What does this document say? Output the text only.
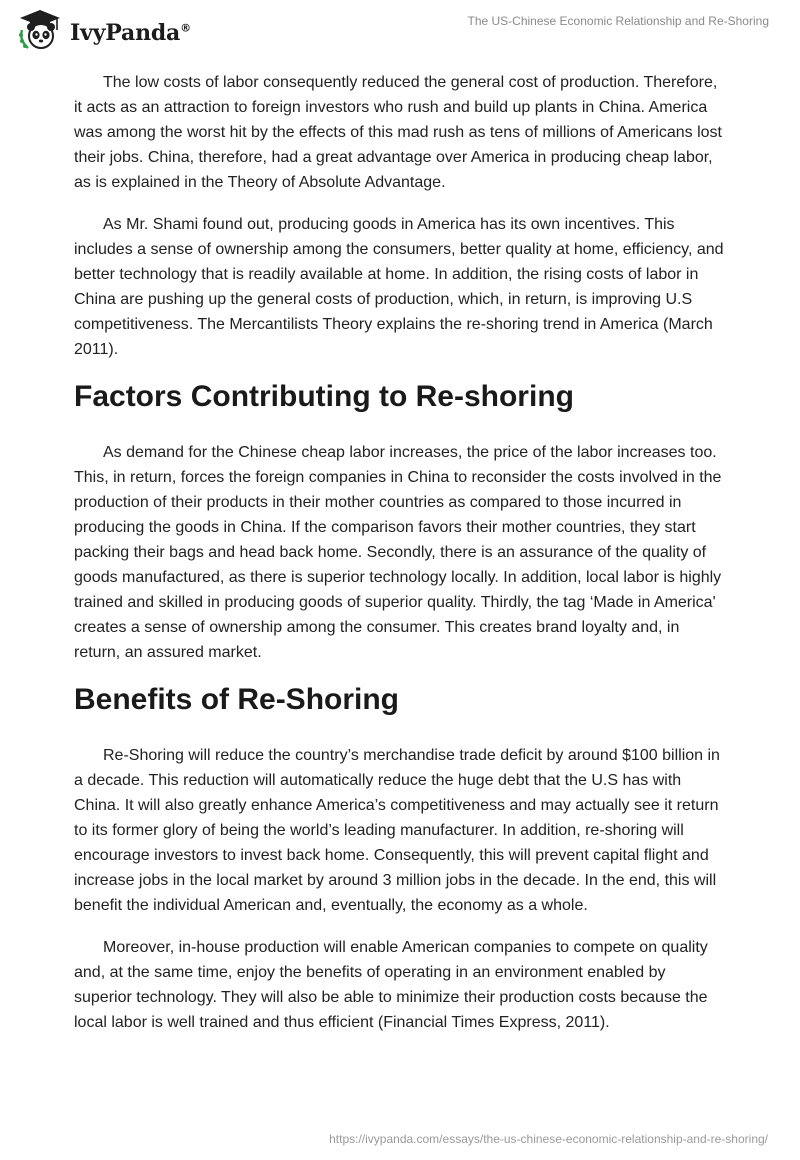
IvyPanda®
The US-Chinese Economic Relationship and Re-Shoring

The low costs of labor consequently reduced the general cost of production. Therefore, it acts as an attraction to foreign investors who rush and build up plants in China. America was among the worst hit by the effects of this mad rush as tens of millions of Americans lost their jobs. China, therefore, had a great advantage over America in producing cheap labor, as is explained in the Theory of Absolute Advantage.

As Mr. Shami found out, producing goods in America has its own incentives. This includes a sense of ownership among the consumers, better quality at home, efficiency, and better technology that is readily available at home. In addition, the rising costs of labor in China are pushing up the general costs of production, which, in return, is improving U.S competitiveness. The Mercantilists Theory explains the re-shoring trend in America (March 2011).

Factors Contributing to Re-shoring

As demand for the Chinese cheap labor increases, the price of the labor increases too. This, in return, forces the foreign companies in China to reconsider the costs involved in the production of their products in their mother countries as compared to those incurred in producing the goods in China. If the comparison favors their mother countries, they start packing their bags and head back home. Secondly, there is an assurance of the quality of goods manufactured, as there is superior technology locally. In addition, local labor is highly trained and skilled in producing goods of superior quality. Thirdly, the tag ‘Made in America' creates a sense of ownership among the consumer. This creates brand loyalty and, in return, an assured market.

Benefits of Re-Shoring

Re-Shoring will reduce the country’s merchandise trade deficit by around $100 billion in a decade. This reduction will automatically reduce the huge debt that the U.S has with China. It will also greatly enhance America’s competitiveness and may actually see it return to its former glory of being the world’s leading manufacturer. In addition, re-shoring will encourage investors to invest back home. Consequently, this will prevent capital flight and increase jobs in the local market by around 3 million jobs in the decade. In the end, this will benefit the individual American and, eventually, the economy as a whole.

Moreover, in-house production will enable American companies to compete on quality and, at the same time, enjoy the benefits of operating in an environment enabled by superior technology. They will also be able to minimize their production costs because the local labor is well trained and thus efficient (Financial Times Express, 2011).

https://ivypanda.com/essays/the-us-chinese-economic-relationship-and-re-shoring/
